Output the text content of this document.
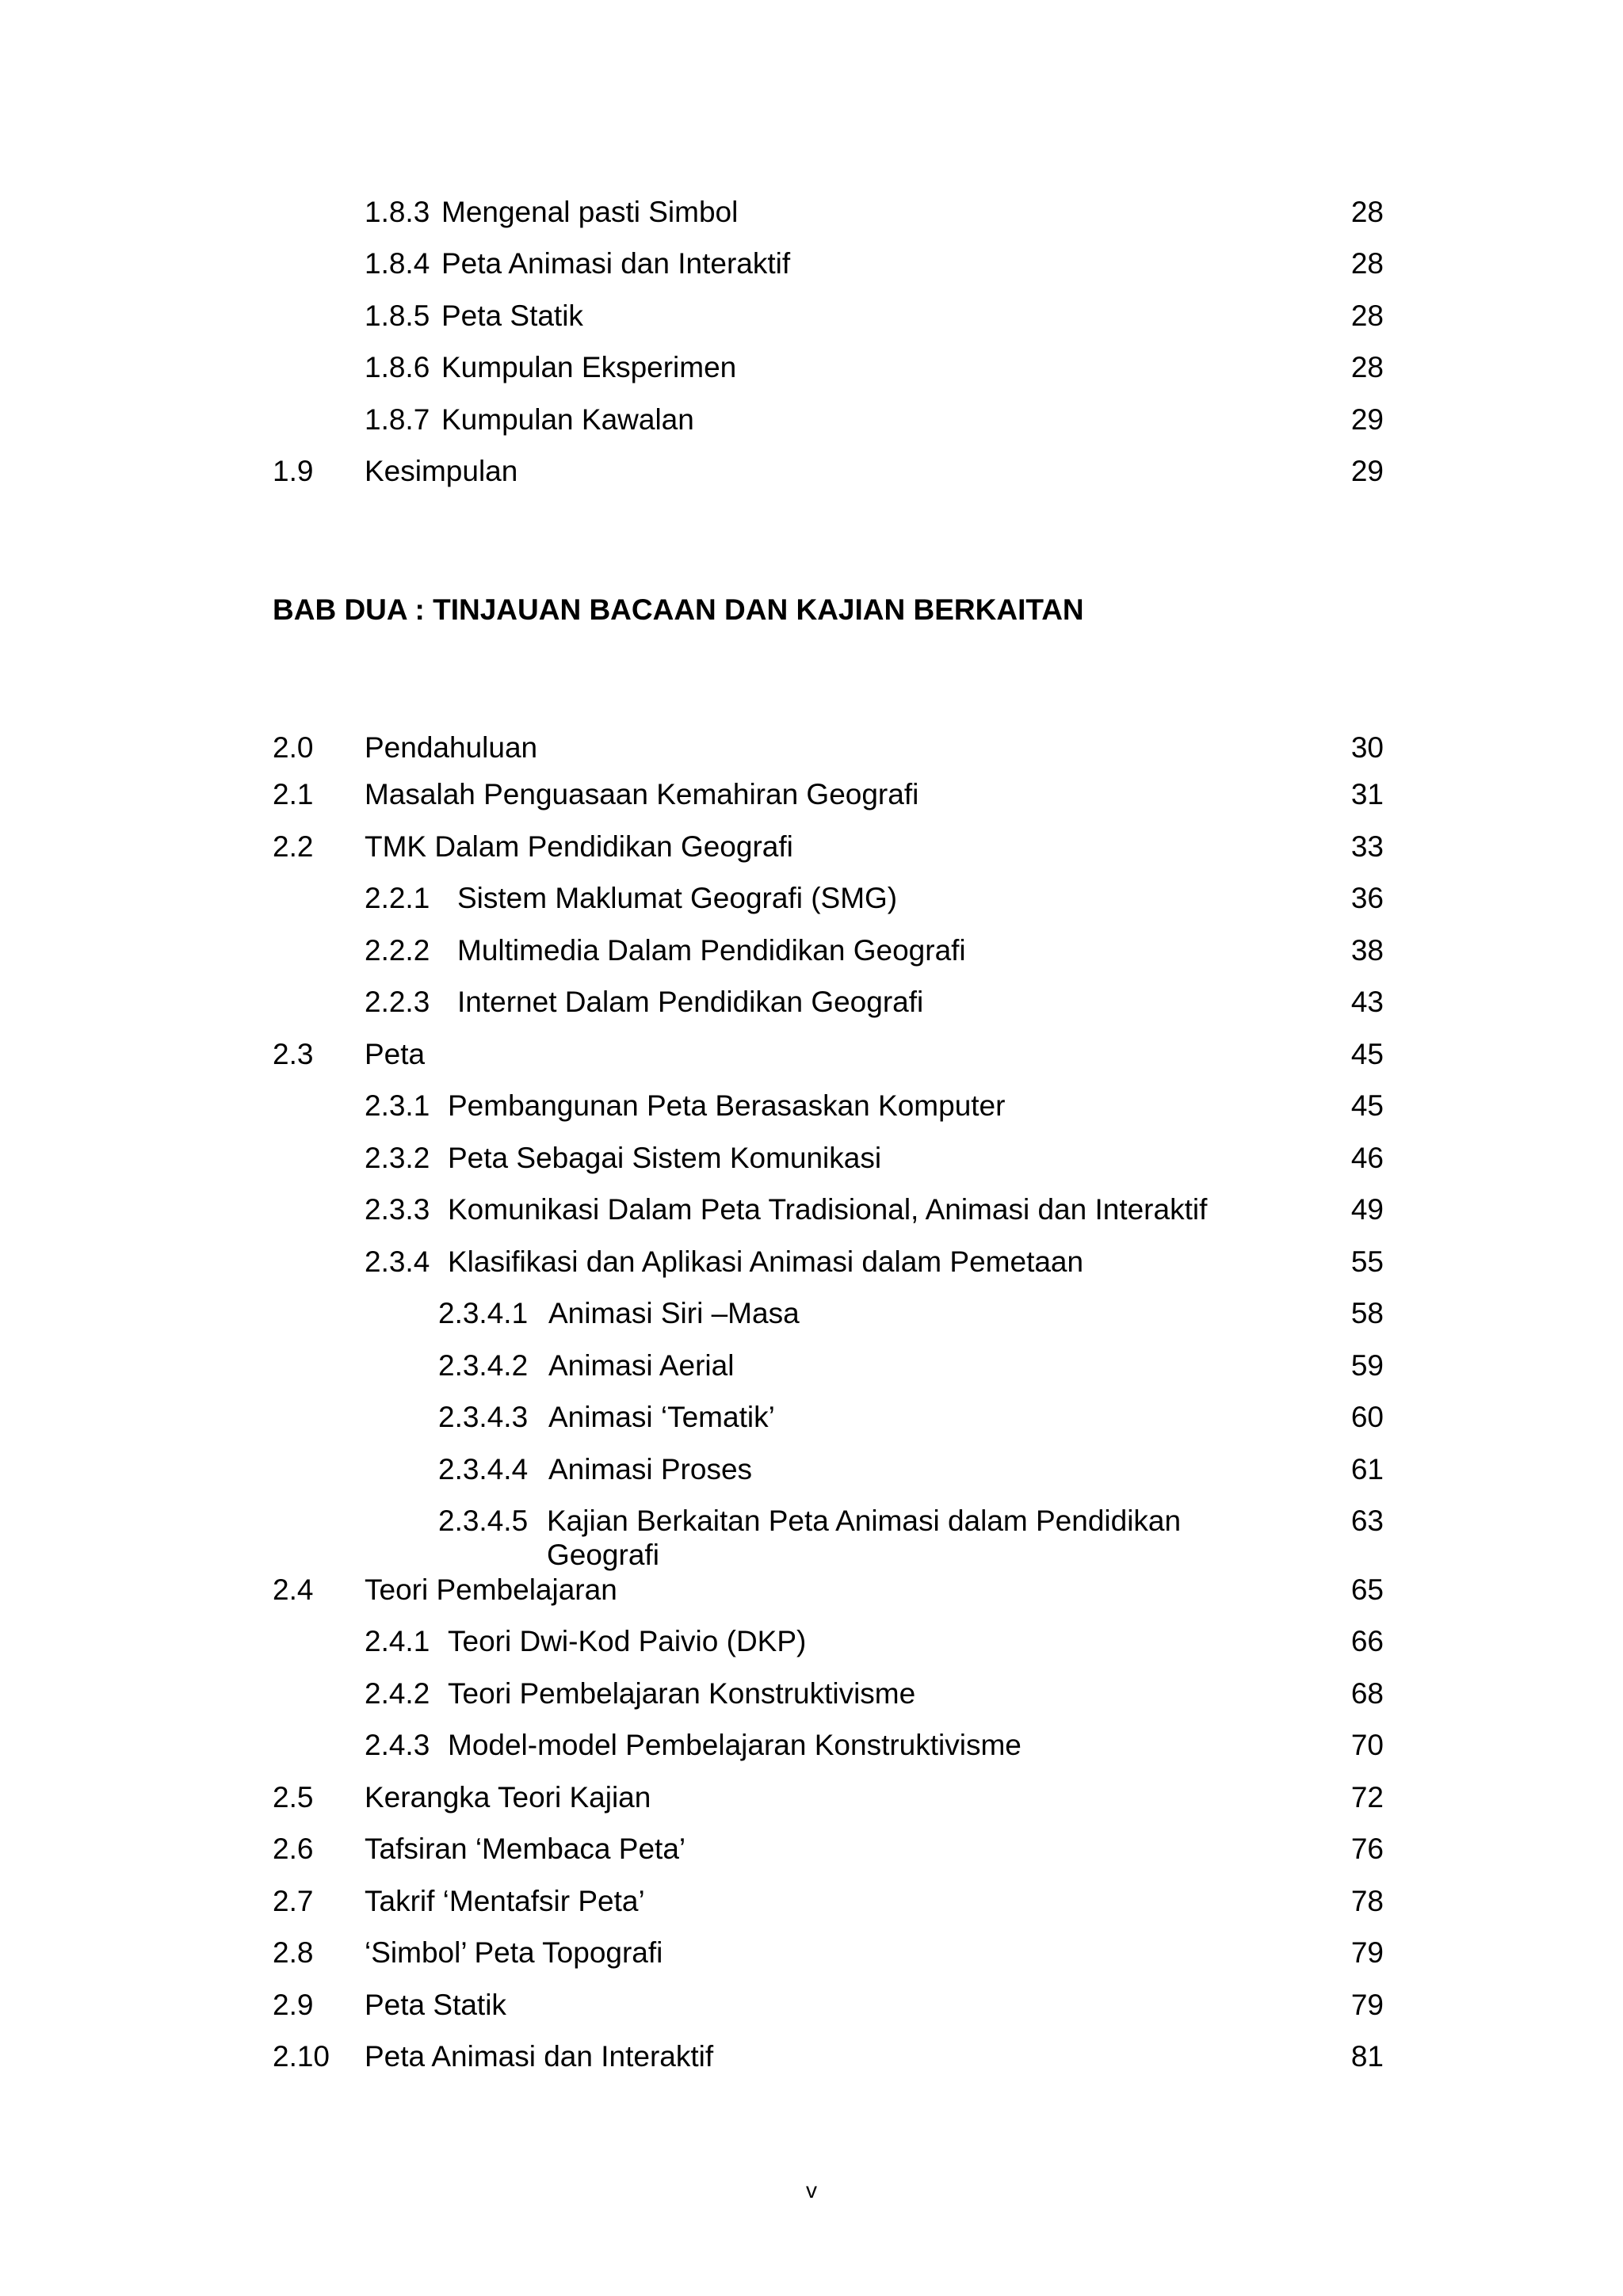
1.8.3 Mengenal pasti Simbol	28
1.8.4 Peta Animasi dan Interaktif	28
1.8.5 Peta Statik	28
1.8.6 Kumpulan Eksperimen	28
1.8.7 Kumpulan Kawalan	29
1.9 Kesimpulan	29
BAB DUA : TINJAUAN BACAAN DAN KAJIAN BERKAITAN
2.0 Pendahuluan	30
2.1 Masalah Penguasaan Kemahiran Geografi	31
2.2 TMK Dalam Pendidikan Geografi	33
2.2.1 Sistem Maklumat Geografi (SMG)	36
2.2.2 Multimedia Dalam Pendidikan Geografi	38
2.2.3 Internet Dalam Pendidikan Geografi	43
2.3 Peta	45
2.3.1 Pembangunan Peta Berasaskan Komputer	45
2.3.2 Peta Sebagai Sistem Komunikasi	46
2.3.3 Komunikasi Dalam Peta Tradisional, Animasi dan Interaktif	49
2.3.4 Klasifikasi dan Aplikasi Animasi dalam Pemetaan	55
2.3.4.1 Animasi Siri –Masa	58
2.3.4.2 Animasi Aerial	59
2.3.4.3 Animasi ‘Tematik’	60
2.3.4.4 Animasi Proses	61
2.3.4.5 Kajian Berkaitan Peta Animasi dalam Pendidikan	63
Geografi
2.4 Teori Pembelajaran	65
2.4.1 Teori Dwi-Kod Paivio (DKP)	66
2.4.2 Teori Pembelajaran Konstruktivisme	68
2.4.3 Model-model Pembelajaran Konstruktivisme	70
2.5 Kerangka Teori Kajian	72
2.6 Tafsiran ‘Membaca Peta’	76
2.7 Takrif ‘Mentafsir Peta’	78
2.8 ‘Simbol’ Peta Topografi	79
2.9 Peta Statik	79
2.10 Peta Animasi dan Interaktif	81
v
